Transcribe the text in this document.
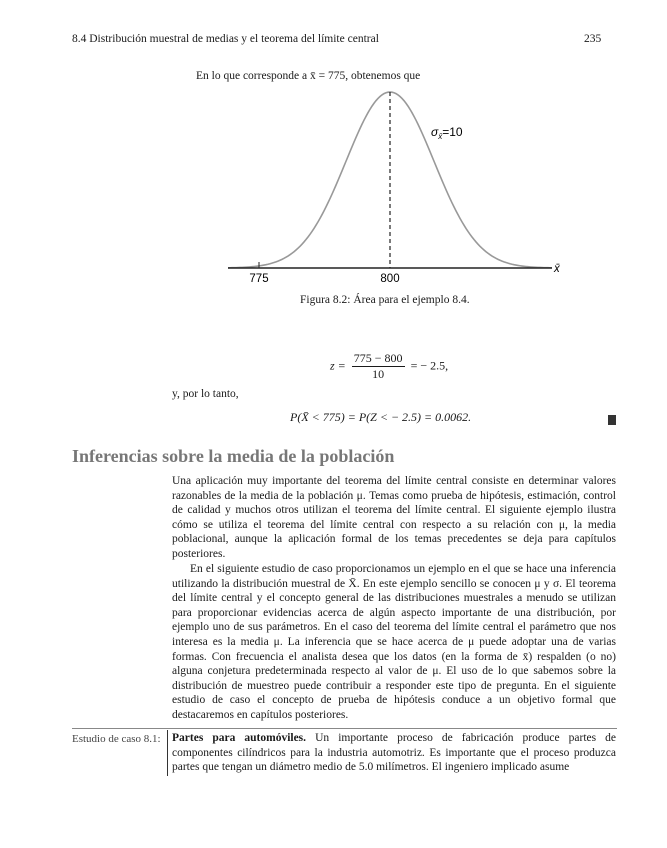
8.4 Distribución muestral de medias y el teorema del límite central	235
En lo que corresponde a x̄ = 775, obtenemos que
775	800
x̄
$\sigma_{x̄}=10$
Figura 8.2: Área para el ejemplo 8.4.
$z = \frac{775 - 800}{10}$ = − 2.5,
y, por lo tanto,
P(X̄ < 775) = P(Z < − 2.5) = 0.0062.
Inferencias sobre la media de la población
Una aplicación muy importante del teorema del límite central consiste en determinar valores razonables de la media de la población μ. Temas como prueba de hipótesis, estimación, control de calidad y muchos otros utilizan el teorema del límite central. El siguiente ejemplo ilustra cómo se utiliza el teorema del límite central con respecto a su relación con μ, la media poblacional, aunque la aplicación formal de los temas precedentes se deja para capítulos posteriores.
En el siguiente estudio de caso proporcionamos un ejemplo en el que se hace una inferencia utilizando la distribución muestral de X̄. En este ejemplo sencillo se conocen μ y σ. El teorema del límite central y el concepto general de las distribuciones muestrales a menudo se utilizan para proporcionar evidencias acerca de algún aspecto importante de una distribución, por ejemplo uno de sus parámetros. En el caso del teorema del límite central el parámetro que nos interesa es la media μ. La inferencia que se hace acerca de μ puede adoptar una de varias formas. Con frecuencia el analista desea que los datos (en la forma de x̄) respalden (o no) alguna conjetura predeterminada respecto al valor de μ. El uso de lo que sabemos sobre la distribución de muestreo puede contribuir a responder este tipo de pregunta. En el siguiente estudio de caso el concepto de prueba de hipótesis conduce a un objetivo formal que destacaremos en capítulos posteriores.
Estudio de caso 8.1: Partes para automóviles. Un importante proceso de fabricación produce partes de componentes cilíndricos para la industria automotriz. Es importante que el proceso produzca partes que tengan un diámetro medio de 5.0 milímetros. El ingeniero implicado asume
